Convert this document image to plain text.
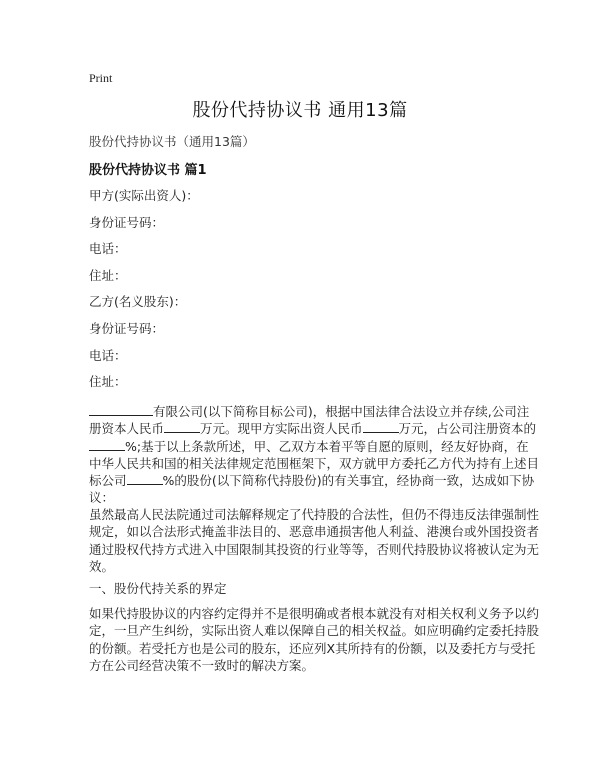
Print
股份代持协议书 通用13篇
股份代持协议书（通用13篇）
股份代持协议书 篇1
甲方(实际出资人)：
身份证号码：
电话：
住址：
乙方(名义股东)：
身份证号码：
电话：
住址：
有限公司(以下简称目标公司)，根据中国法律合法设立并存续,公司注
册资本人民币	万元。现甲方实际出资人民币	万元，占公司注册资本的
%;基于以上条款所述，甲、乙双方本着平等自愿的原则，经友好协商，在
中华人民共和国的相关法律规定范围框架下，双方就甲方委托乙方代为持有上述目
标公司	%的股份(以下简称代持股份)的有关事宜，经协商一致，达成如下协
议：
虽然最高人民法院通过司法解释规定了代持股的合法性，但仍不得违反法律强制性
规定，如以合法形式掩盖非法目的、恶意串通损害他人利益、港澳台或外国投资者
通过股权代持方式进入中国限制其投资的行业等等，否则代持股协议将被认定为无
效。
一、股份代持关系的界定
如果代持股协议的内容约定得并不是很明确或者根本就没有对相关权利义务予以约
定，一旦产生纠纷，实际出资人难以保障自己的相关权益。如应明确约定委托持股
的份额。若受托方也是公司的股东，还应列X其所持有的份额，以及委托方与受托
方在公司经营决策不一致时的解决方案。
